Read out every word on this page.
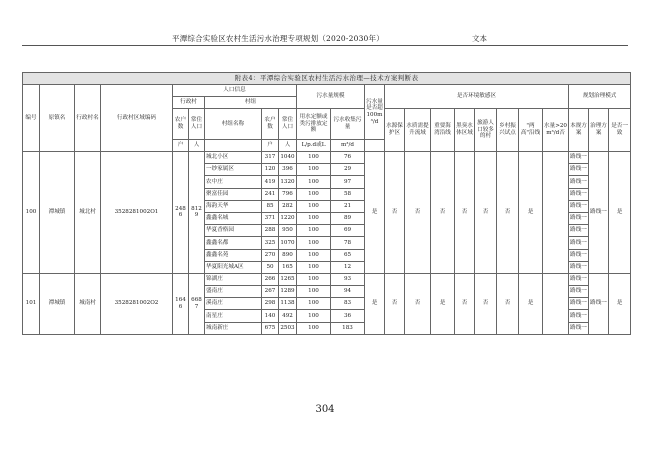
平潭综合实验区农村生活污水治理专项规划（2020-2030年）	文本
附表4：平潭综合实验区农村生活污水治理—技术方案判断表																						
编号	原镇名	行政村名	行政村区域编码	人口信息					污水量规模		污水量是否超100m³/d	是否环境敏感区								规划治理模式		
				行政村		村组																
				农户数	常住人口	村组名称	农户数	常住人口	用水定额或类污排放定额	污水收集污量		水源保护区	水质需提升流域	重要海湾沿线	黑臭水体区域	旅游人口较多的村	乡村振兴试点	"两高"沿线	水量>20m³/d否	本规方案	治理方案	是否一致
				户	人		户	人	L/p.d或L	m³/d												
100	潭城镇	城北村	3528281002O1	2486	8129	城北小区	317	1040	100	76	是	否	否	否	否	否	否	是		路线一	路线一	是
						一纱家属区	120	396	100	29										路线一		
						农中庄	419	1320	100	97										路线一		
						聚富佳园	241	796	100	58										路线一		
						海韵天华	85	282	100	21										路线一		
						鑫鑫名城	371	1220	100	89										路线一		
						华夏香格园	288	950	100	69										路线一		
						鑫鑫名都	325	1070	100	78										路线一		
						鑫鑫名苑	270	890	100	65										路线一		
						华夏阳光城A区	50	165	100	12										路线一		
101	潭城镇	城南村	3528281002O2	1646	6687	锦湖庄	266	1265	100	93	是	否	否	是	否	否	否	是		路线一	路线一	是
						盛南庄	267	1289	100	94										路线一		
						溪南庄	298	1138	100	83										路线一		
						南星庄	140	492	100	36										路线一		
						城南新庄	675	2503	100	183										路线一		
304
